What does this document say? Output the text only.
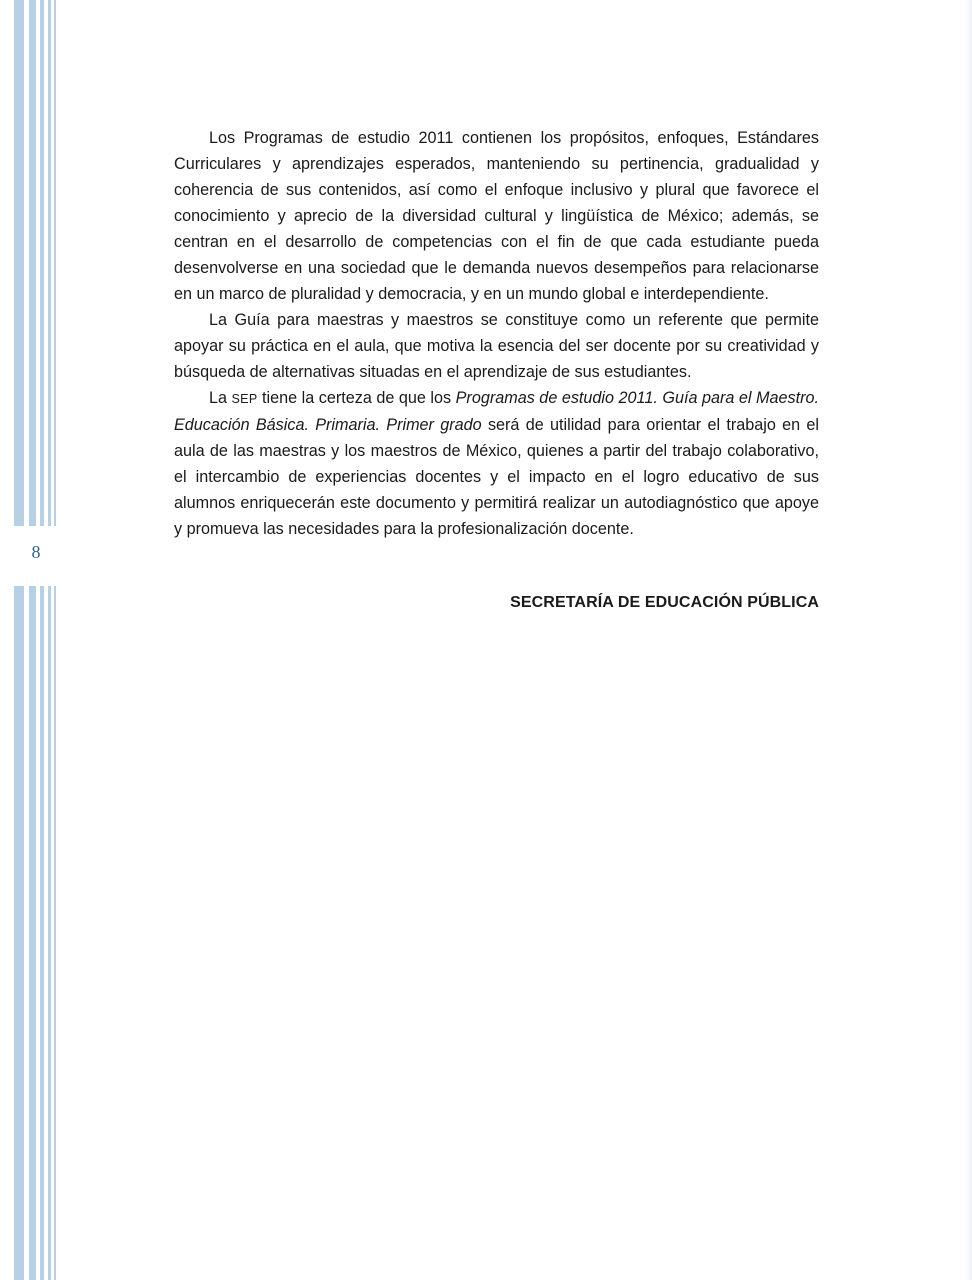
8

Los Programas de estudio 2011 contienen los propósitos, enfoques, Estándares Curriculares y aprendizajes esperados, manteniendo su pertinencia, gradualidad y coherencia de sus contenidos, así como el enfoque inclusivo y plural que favorece el conocimiento y aprecio de la diversidad cultural y lingüística de México; además, se centran en el desarrollo de competencias con el fin de que cada estudiante pueda desenvolverse en una sociedad que le demanda nuevos desempeños para relacionarse en un marco de pluralidad y democracia, y en un mundo global e interdependiente.

La Guía para maestras y maestros se constituye como un referente que permite apoyar su práctica en el aula, que motiva la esencia del ser docente por su creatividad y búsqueda de alternativas situadas en el aprendizaje de sus estudiantes.

La SEP tiene la certeza de que los Programas de estudio 2011. Guía para el Maestro. Educación Básica. Primaria. Primer grado será de utilidad para orientar el trabajo en el aula de las maestras y los maestros de México, quienes a partir del trabajo colaborativo, el intercambio de experiencias docentes y el impacto en el logro educativo de sus alumnos enriquecerán este documento y permitirá realizar un autodiagnóstico que apoye y promueva las necesidades para la profesionalización docente.

SECRETARÍA DE EDUCACIÓN PÚBLICA
